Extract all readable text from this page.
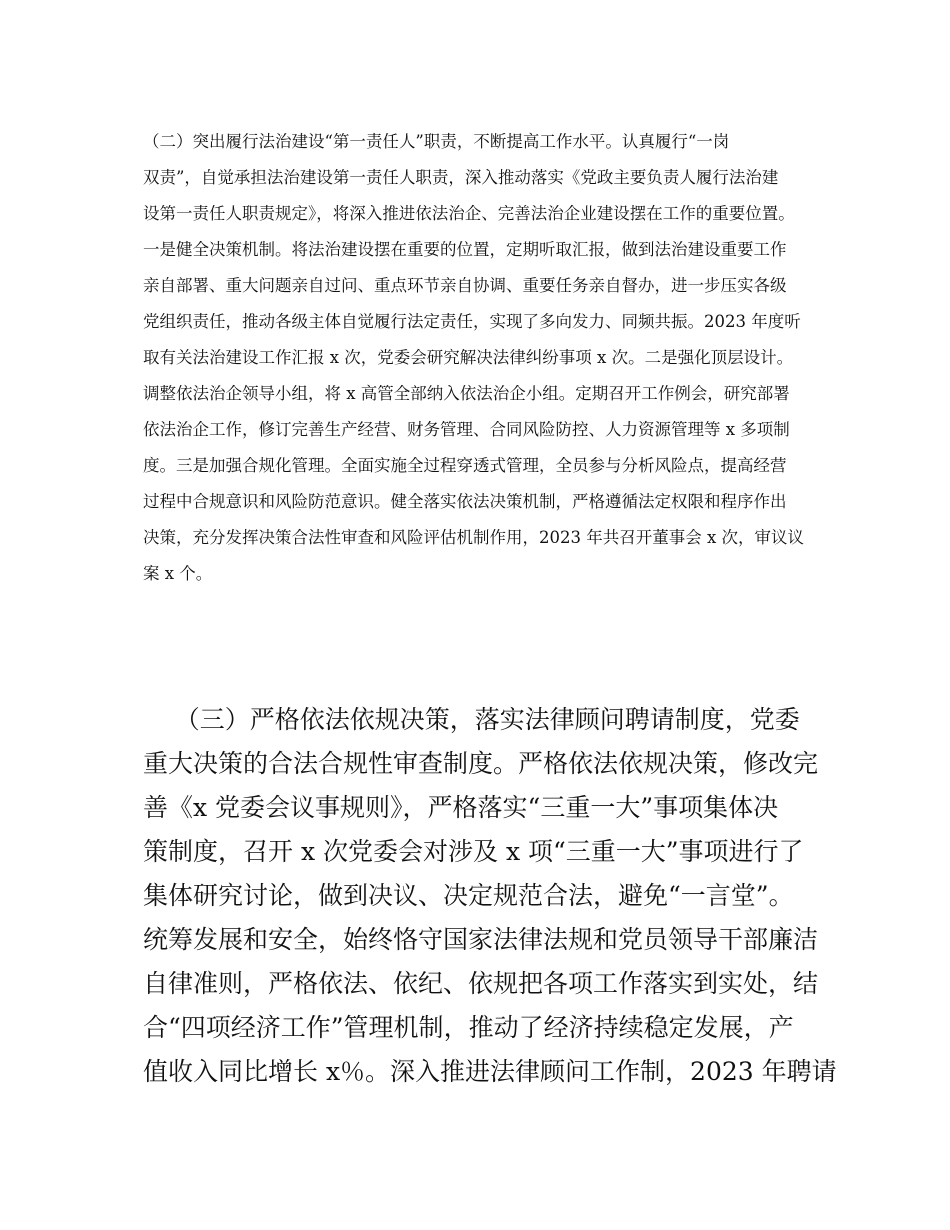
（二）突出履行法治建设“第一责任人”职责，不断提高工作水平。认真履行“一岗

双责”，自觉承担法治建设第一责任人职责，深入推动落实《党政主要负责人履行法治建

设第一责任人职责规定》，将深入推进依法治企、完善法治企业建设摆在工作的重要位置。

一是健全决策机制。将法治建设摆在重要的位置，定期听取汇报，做到法治建设重要工作

亲自部署、重大问题亲自过问、重点环节亲自协调、重要任务亲自督办，进一步压实各级

党组织责任，推动各级主体自觉履行法定责任，实现了多向发力、同频共振。2023 年度听

取有关法治建设工作汇报 x 次，党委会研究解决法律纠纷事项 x 次。二是强化顶层设计。

调整依法治企领导小组，将 x 高管全部纳入依法治企小组。定期召开工作例会，研究部署

依法治企工作，修订完善生产经营、财务管理、合同风险防控、人力资源管理等 x 多项制

度。三是加强合规化管理。全面实施全过程穿透式管理，全员参与分析风险点，提高经营

过程中合规意识和风险防范意识。健全落实依法决策机制，严格遵循法定权限和程序作出

决策，充分发挥决策合法性审查和风险评估机制作用，2023 年共召开董事会 x 次，审议议

案 x 个。

（三）严格依法依规决策，落实法律顾问聘请制度，党委

重大决策的合法合规性审查制度。严格依法依规决策，修改完

善《x 党委会议事规则》，严格落实“三重一大”事项集体决

策制度，召开 x 次党委会对涉及 x 项“三重一大”事项进行了

集体研究讨论，做到决议、决定规范合法，避免“一言堂”。

统筹发展和安全，始终恪守国家法律法规和党员领导干部廉洁

自律准则，严格依法、依纪、依规把各项工作落实到实处，结

合“四项经济工作”管理机制，推动了经济持续稳定发展，产

值收入同比增长 x％。深入推进法律顾问工作制，2023 年聘请
